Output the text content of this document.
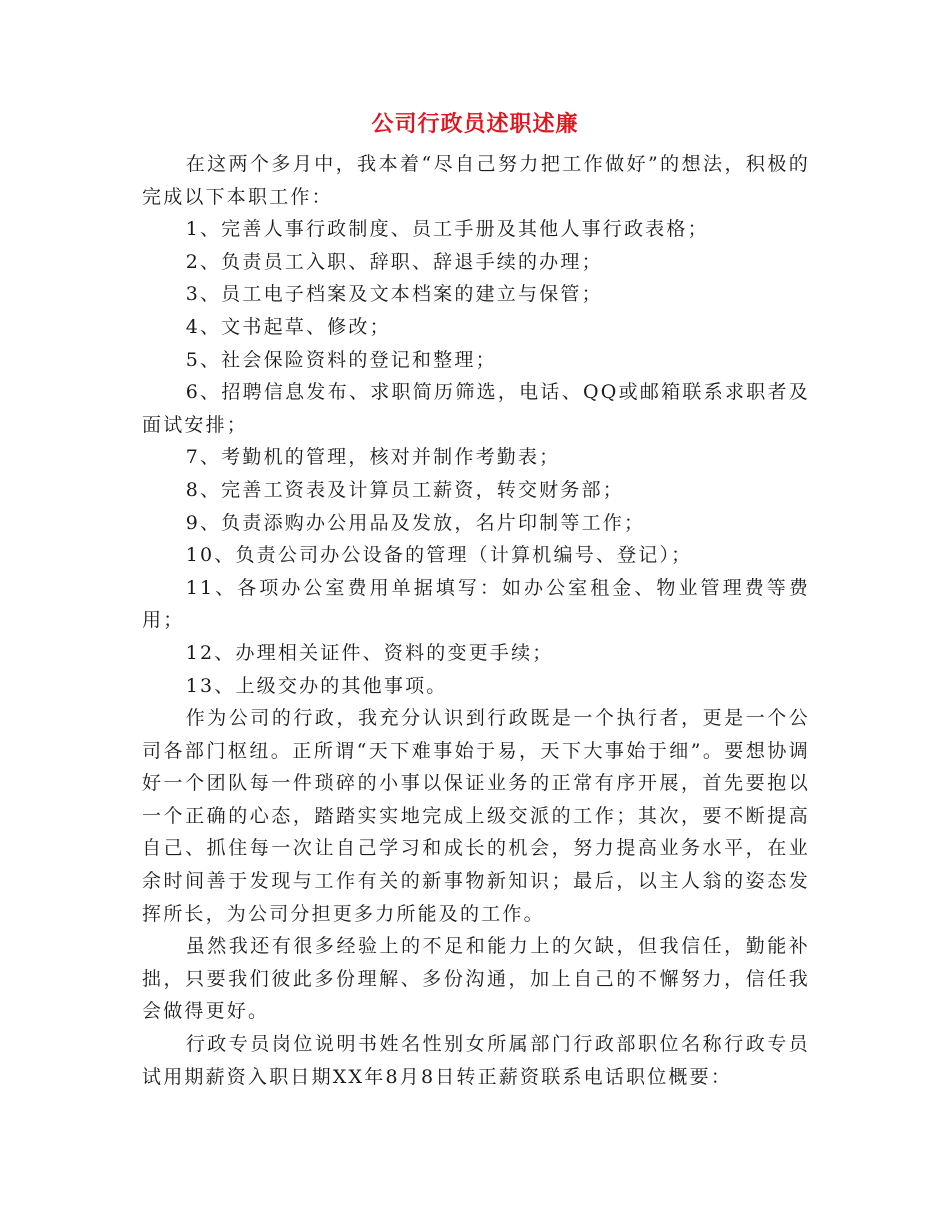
公司行政员述职述廉

在这两个多月中，我本着“尽自己努力把工作做好”的想法，积极的完成以下本职工作：

1、完善人事行政制度、员工手册及其他人事行政表格；

2、负责员工入职、辞职、辞退手续的办理；

3、员工电子档案及文本档案的建立与保管；

4、文书起草、修改；

5、社会保险资料的登记和整理；

6、招聘信息发布、求职简历筛选，电话、QQ或邮箱联系求职者及面试安排；

7、考勤机的管理，核对并制作考勤表；

8、完善工资表及计算员工薪资，转交财务部；

9、负责添购办公用品及发放，名片印制等工作；

10、负责公司办公设备的管理（计算机编号、登记）；

11、各项办公室费用单据填写：如办公室租金、物业管理费等费用；

12、办理相关证件、资料的变更手续；

13、上级交办的其他事项。

作为公司的行政，我充分认识到行政既是一个执行者，更是一个公司各部门枢纽。正所谓“天下难事始于易，天下大事始于细”。要想协调好一个团队每一件琐碎的小事以保证业务的正常有序开展，首先要抱以一个正确的心态，踏踏实实地完成上级交派的工作；其次，要不断提高自己、抓住每一次让自己学习和成长的机会，努力提高业务水平，在业余时间善于发现与工作有关的新事物新知识；最后，以主人翁的姿态发挥所长，为公司分担更多力所能及的工作。

虽然我还有很多经验上的不足和能力上的欠缺，但我信任，勤能补拙，只要我们彼此多份理解、多份沟通，加上自己的不懈努力，信任我会做得更好。

行政专员岗位说明书姓名性别女所属部门行政部职位名称行政专员试用期薪资入职日期XX年8月8日转正薪资联系电话职位概要：
